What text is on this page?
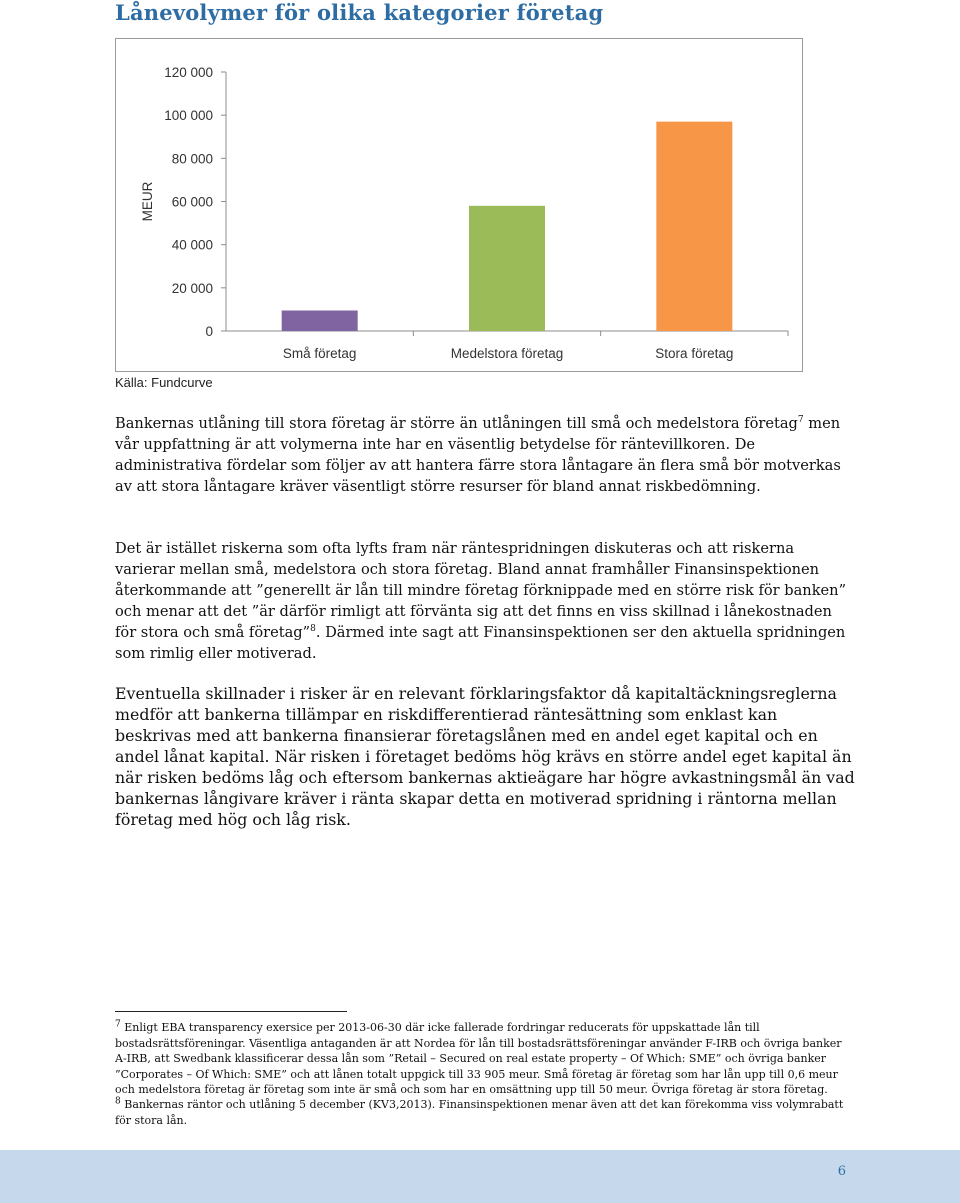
Lånevolymer för olika kategorier företag
0
20 000
40 000
60 000
80 000
100 000
120 000
MEUR
Små företag	Medelstora företag	Stora företag

Källa: Fundcurve

Bankernas utlåning till stora företag är större än utlåningen till små och medelstora företag$^7$ men vår uppfattning är att volymerna inte har en väsentlig betydelse för räntevillkoren. De administrativa fördelar som följer av att hantera färre stora låntagare än flera små bör motverkas av att stora låntagare kräver väsentligt större resurser för bland annat riskbedömning.

Det är istället riskerna som ofta lyfts fram när räntespridningen diskuteras och att riskerna varierar mellan små, medelstora och stora företag. Bland annat framhåller Finansinspektionen återkommande att ”generellt är lån till mindre företag förknippade med en större risk för banken” och menar att det ”är därför rimligt att förvänta sig att det finns en viss skillnad i lånekostnaden för stora och små företag”$^8$. Därmed inte sagt att Finansinspektionen ser den aktuella spridningen som rimlig eller motiverad.

Eventuella skillnader i risker är en relevant förklaringsfaktor då kapitaltäckningsreglerna medför att bankerna tillämpar en riskdifferentierad räntesättning som enklast kan beskrivas med att bankerna finansierar företagslånen med en andel eget kapital och en andel lånat kapital. När risken i företaget bedöms hög krävs en större andel eget kapital än när risken bedöms låg och eftersom bankernas aktieägare har högre avkastningsmål än vad bankernas långivare kräver i ränta skapar detta en motiverad spridning i räntorna mellan företag med hög och låg risk.

$^7$ Enligt EBA transparency exersice per 2013-06-30 där icke fallerade fordringar reducerats för uppskattade lån till bostadsrättsföreningar. Väsentliga antaganden är att Nordea för lån till bostadsrättsföreningar använder F-IRB och övriga banker A-IRB, att Swedbank klassificerar dessa lån som ”Retail – Secured on real estate property – Of Which: SME” och övriga banker ”Corporates – Of Which: SME” och att lånen totalt uppgick till 33 905 meur. Små företag är företag som har lån upp till 0,6 meur och medelstora företag är företag som inte är små och som har en omsättning upp till 50 meur. Övriga företag är stora företag.

$^8$ Bankernas räntor och utlåning 5 december (KV3,2013). Finansinspektionen menar även att det kan förekomma viss volymrabatt för stora lån.

6
